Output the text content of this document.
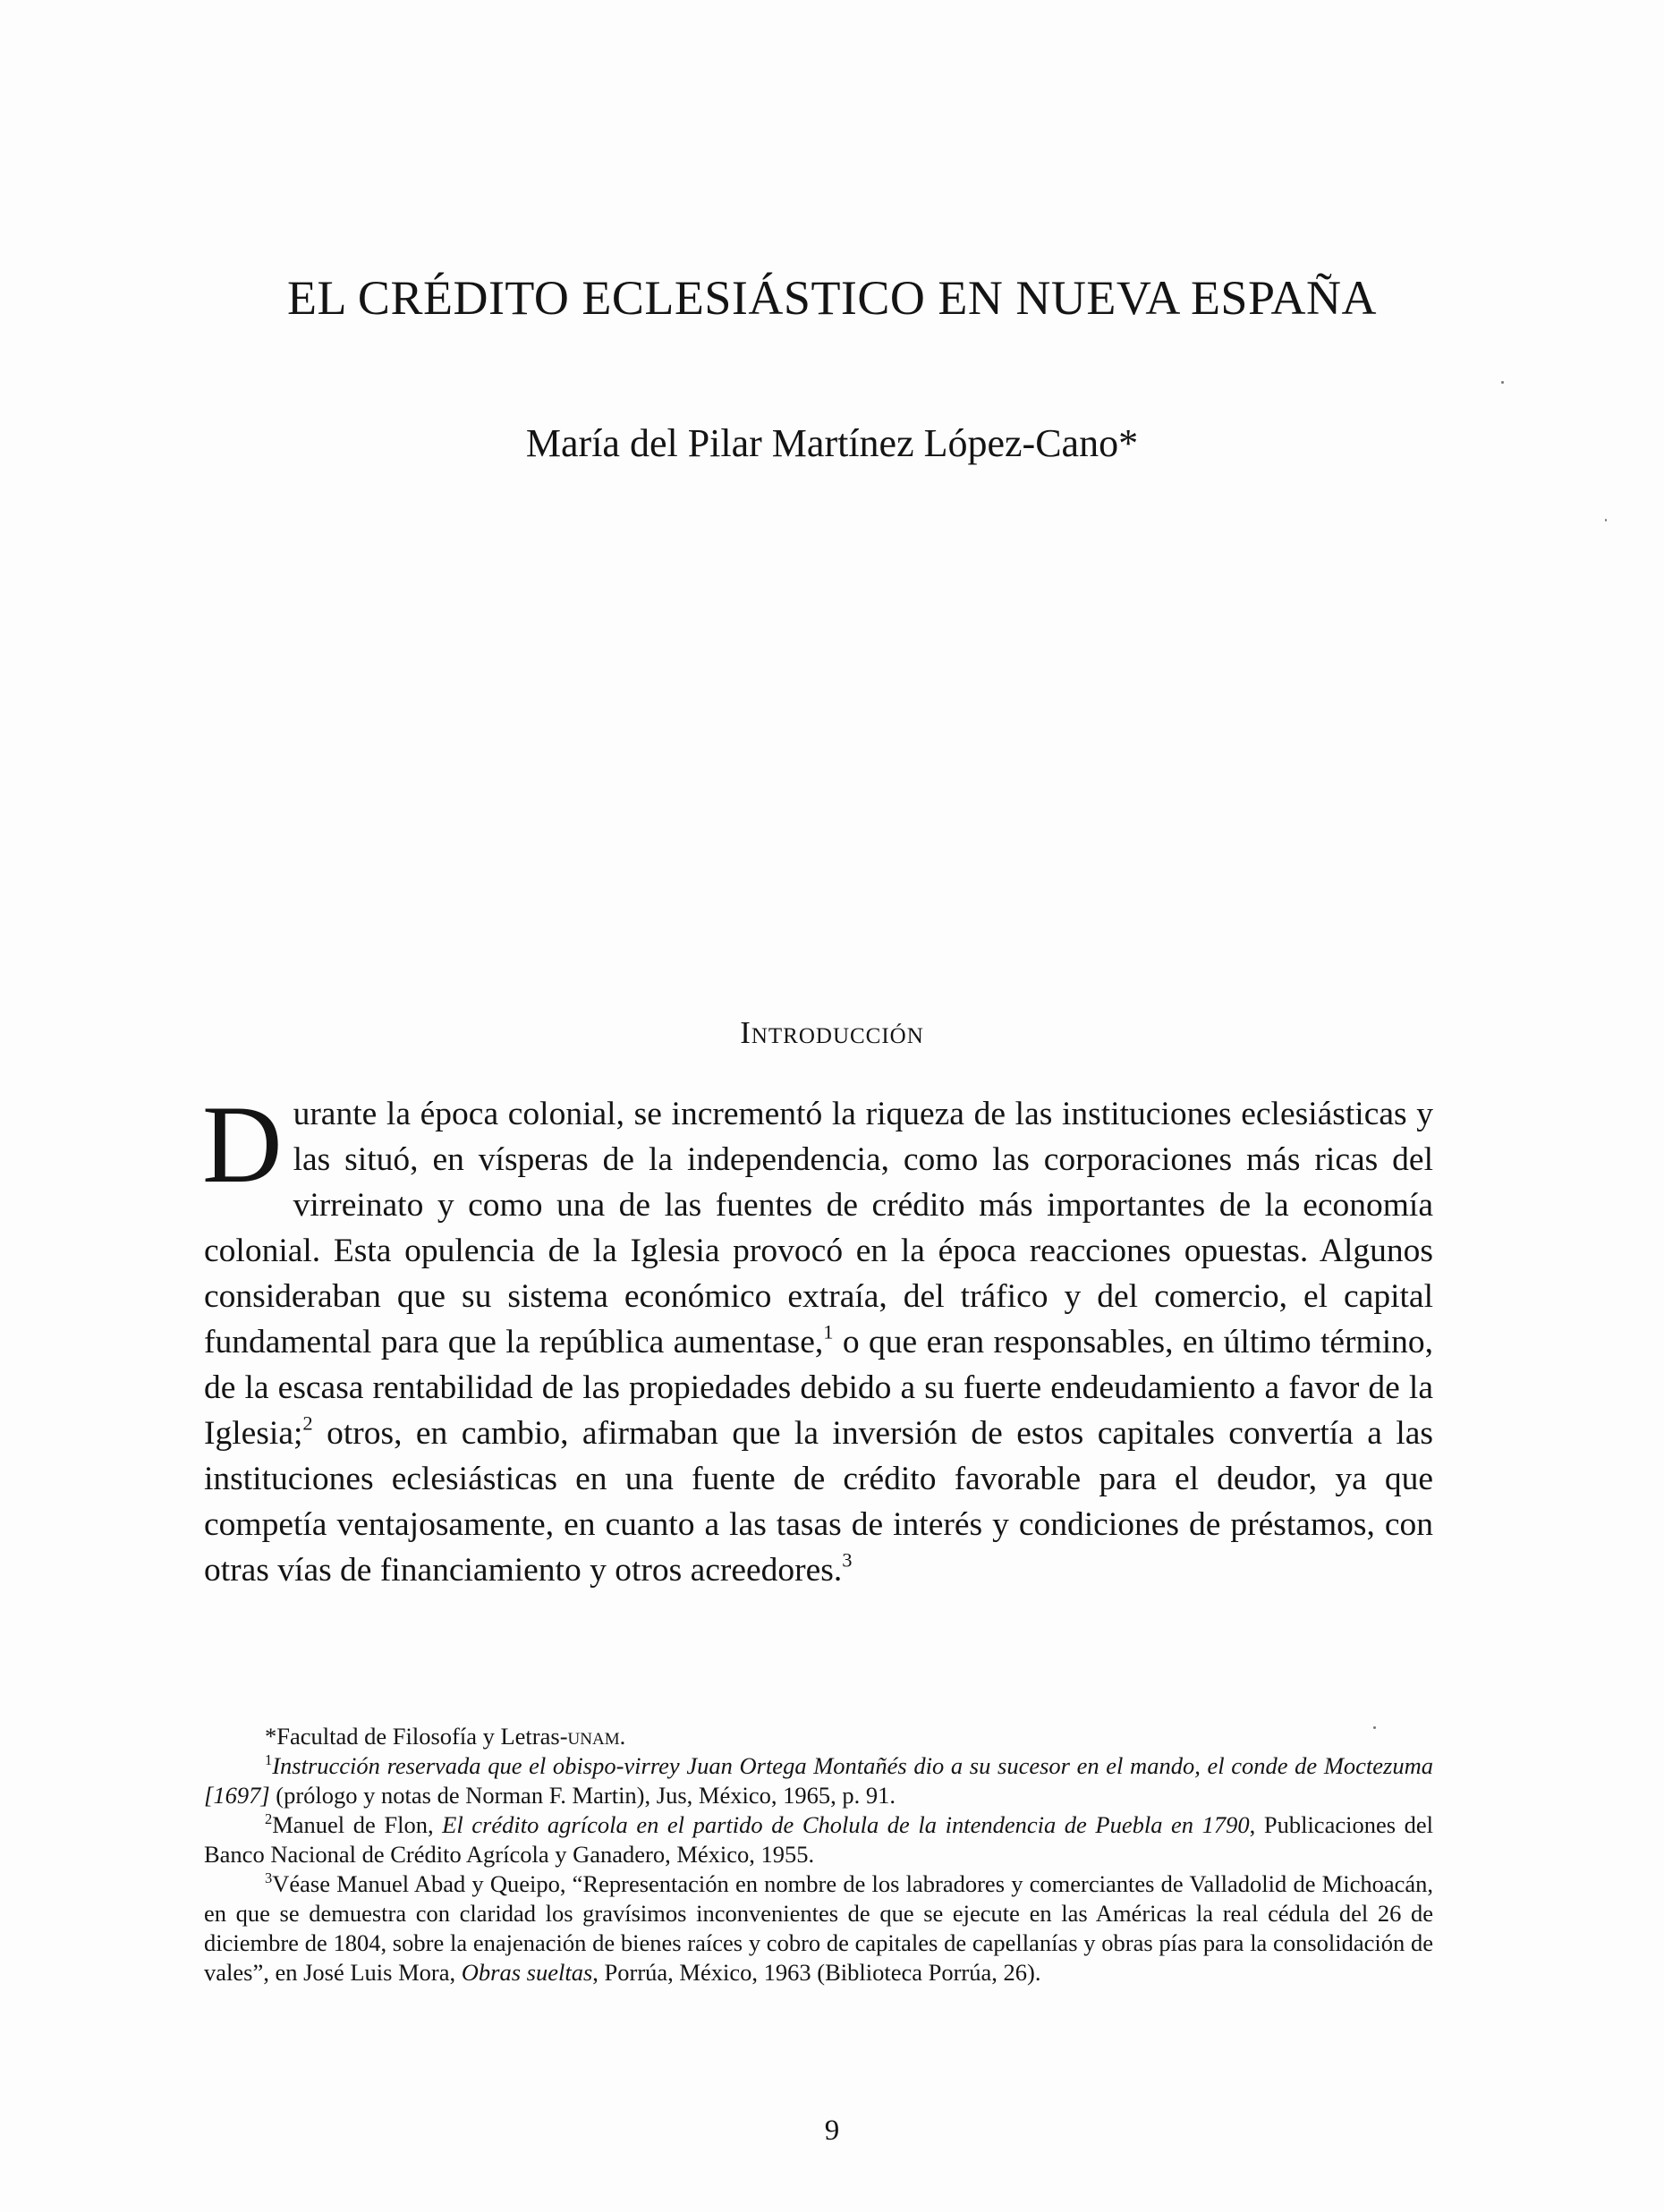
EL CRÉDITO ECLESIÁSTICO EN NUEVA ESPAÑA
María del Pilar Martínez López-Cano*
Introducción

Durante la época colonial, se incrementó la riqueza de las instituciones eclesiásticas y las situó, en vísperas de la independencia, como las corporaciones más ricas del virreinato y como una de las fuentes de crédito más importantes de la economía colonial. Esta opulencia de la Iglesia provocó en la época reacciones opuestas. Algunos consideraban que su sistema económico extraía, del tráfico y del comercio, el capital fundamental para que la república aumentase,$^1$ o que eran responsables, en último término, de la escasa rentabilidad de las propiedades debido a su fuerte endeudamiento a favor de la Iglesia;$^2$ otros, en cambio, afirmaban que la inversión de estos capitales convertía a las instituciones eclesiásticas en una fuente de crédito favorable para el deudor, ya que competía ventajosamente, en cuanto a las tasas de interés y condiciones de préstamos, con otras vías de financiamiento y otros acreedores.$^3$

*Facultad de Filosofía y Letras-unam.

$^1$Instrucción reservada que el obispo-virrey Juan Ortega Montañés dio a su sucesor en el mando, el conde de Moctezuma [1697] (prólogo y notas de Norman F. Martin), Jus, México, 1965, p. 91.

$^2$Manuel de Flon, El crédito agrícola en el partido de Cholula de la intendencia de Puebla en 1790, Publicaciones del Banco Nacional de Crédito Agrícola y Ganadero, México, 1955.

$^3$Véase Manuel Abad y Queipo, “Representación en nombre de los labradores y comerciantes de Valladolid de Michoacán, en que se demuestra con claridad los gravísimos inconvenientes de que se ejecute en las Américas la real cédula del 26 de diciembre de 1804, sobre la enajenación de bienes raíces y cobro de capitales de capellanías y obras pías para la consolidación de vales”, en José Luis Mora, Obras sueltas, Porrúa, México, 1963 (Biblioteca Porrúa, 26).

9
